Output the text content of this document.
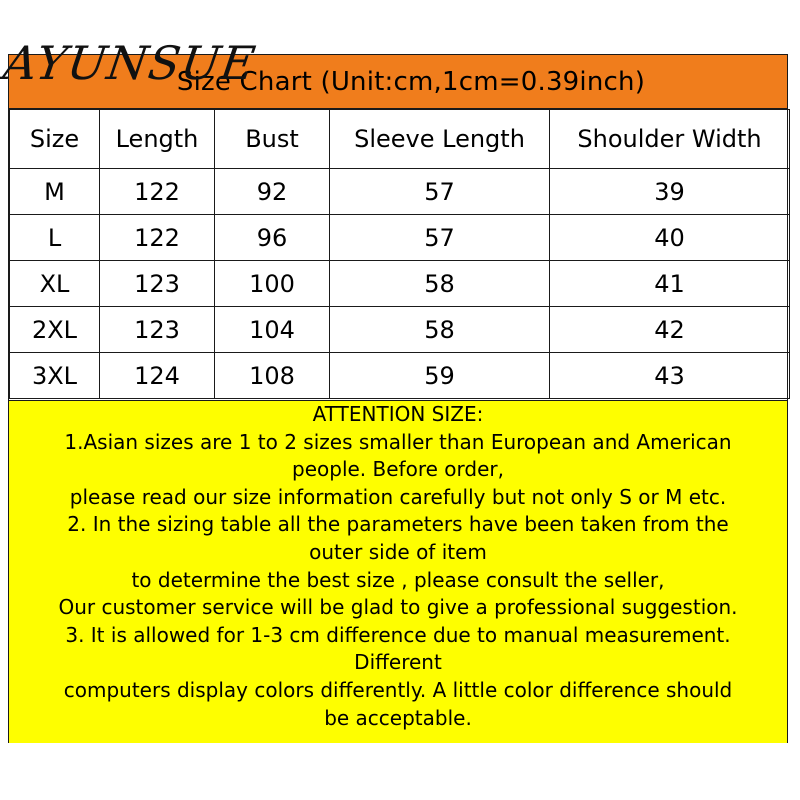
Size Chart (Unit:cm,1cm=0.39inch)
Size	Length	Bust	Sleeve Length	Shoulder Width
M	122	92	57	39
L	122	96	57	40
XL	123	100	58	41
2XL	123	104	58	42
3XL	124	108	59	43
ATTENTION SIZE:
1.Asian sizes are 1 to 2 sizes smaller than European and American
people. Before order,
please read our size information carefully but not only S or M etc.
2. In the sizing table all the parameters have been taken from the
outer side of item
to determine the best size , please consult the seller,
Our customer service will be glad to give a professional suggestion.
3. It is allowed for 1-3 cm difference due to manual measurement.
Different
computers display colors differently. A little color difference should
be acceptable.
AYUNSUE
